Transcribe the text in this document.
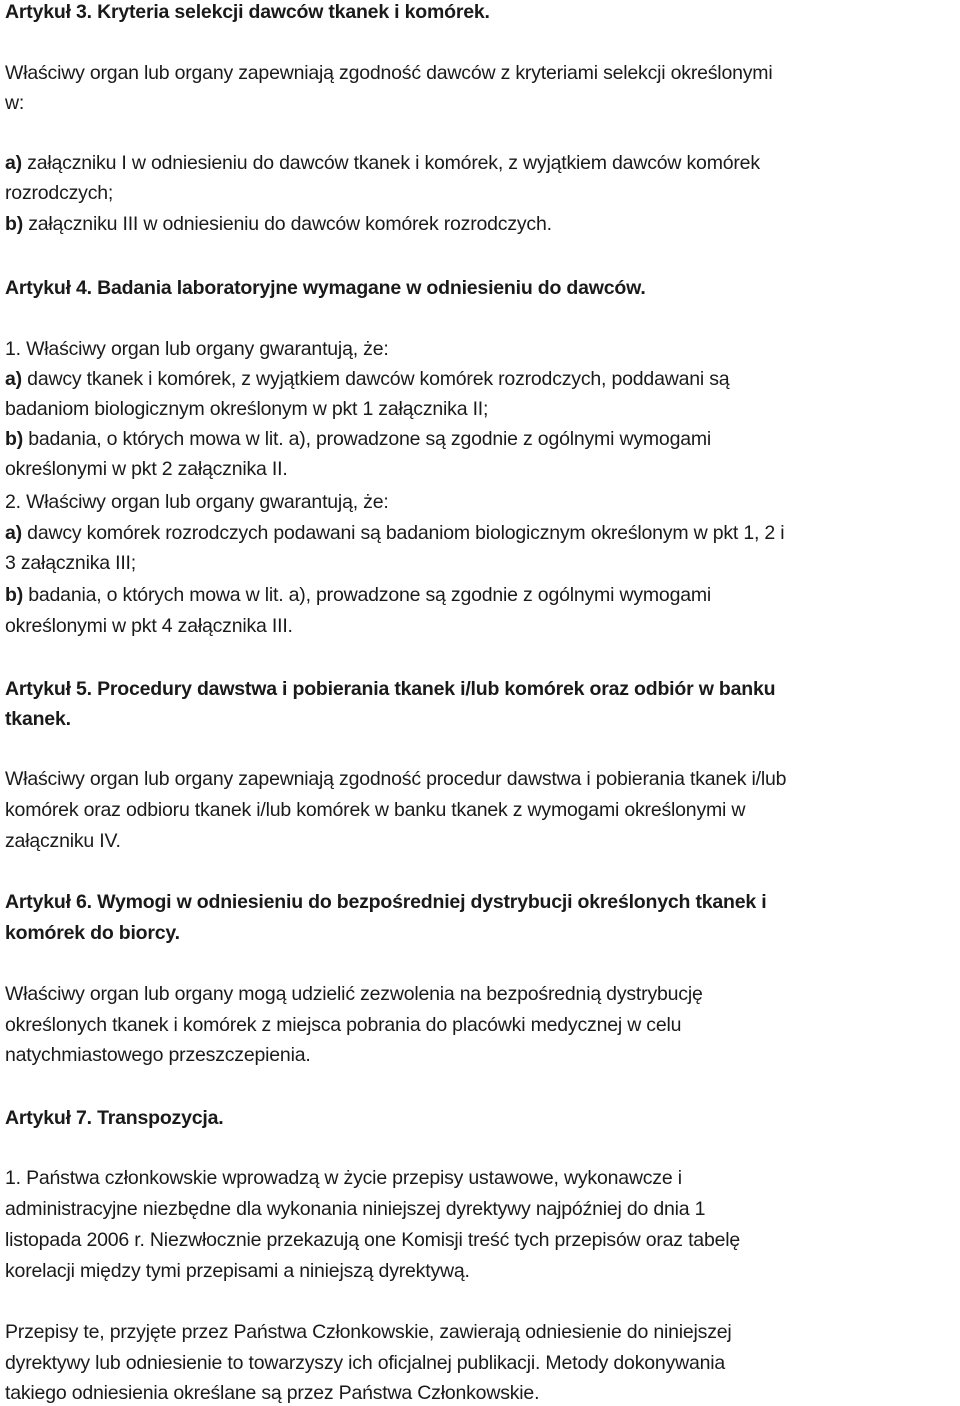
Artykuł 3. Kryteria selekcji dawców tkanek i komórek.
Właściwy organ lub organy zapewniają zgodność dawców z kryteriami selekcji określonymi
w:
a) załączniku I w odniesieniu do dawców tkanek i komórek, z wyjątkiem dawców komórek
rozrodczych;
b) załączniku III w odniesieniu do dawców komórek rozrodczych.
Artykuł 4. Badania laboratoryjne wymagane w odniesieniu do dawców.
1. Właściwy organ lub organy gwarantują, że:
a) dawcy tkanek i komórek, z wyjątkiem dawców komórek rozrodczych, poddawani są
badaniom biologicznym określonym w pkt 1 załącznika II;
b) badania, o których mowa w lit. a), prowadzone są zgodnie z ogólnymi wymogami
określonymi w pkt 2 załącznika II.
2. Właściwy organ lub organy gwarantują, że:
a) dawcy komórek rozrodczych podawani są badaniom biologicznym określonym w pkt 1, 2 i
3 załącznika III;
b) badania, o których mowa w lit. a), prowadzone są zgodnie z ogólnymi wymogami
określonymi w pkt 4 załącznika III.
Artykuł 5. Procedury dawstwa i pobierania tkanek i/lub komórek oraz odbiór w banku
tkanek.
Właściwy organ lub organy zapewniają zgodność procedur dawstwa i pobierania tkanek i/lub
komórek oraz odbioru tkanek i/lub komórek w banku tkanek z wymogami określonymi w
załączniku IV.
Artykuł 6. Wymogi w odniesieniu do bezpośredniej dystrybucji określonych tkanek i
komórek do biorcy.
Właściwy organ lub organy mogą udzielić zezwolenia na bezpośrednią dystrybucję
określonych tkanek i komórek z miejsca pobrania do placówki medycznej w celu
natychmiastowego przeszczepienia.
Artykuł 7. Transpozycja.
1. Państwa członkowskie wprowadzą w życie przepisy ustawowe, wykonawcze i
administracyjne niezbędne dla wykonania niniejszej dyrektywy najpóźniej do dnia 1
listopada 2006 r. Niezwłocznie przekazują one Komisji treść tych przepisów oraz tabelę
korelacji między tymi przepisami a niniejszą dyrektywą.
Przepisy te, przyjęte przez Państwa Członkowskie, zawierają odniesienie do niniejszej
dyrektywy lub odniesienie to towarzyszy ich oficjalnej publikacji. Metody dokonywania
takiego odniesienia określane są przez Państwa Członkowskie.
